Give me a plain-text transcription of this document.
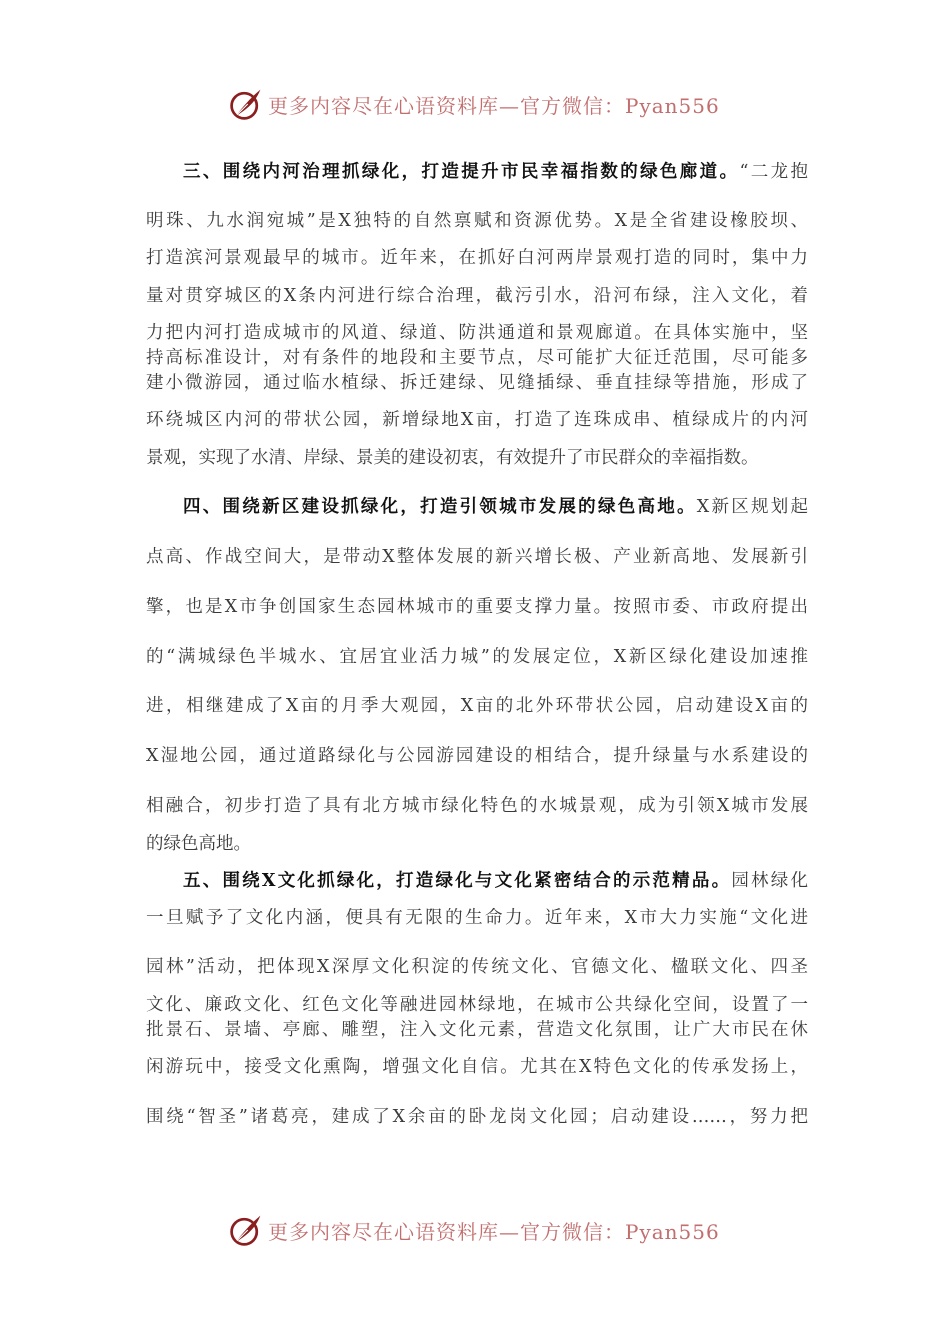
更多内容尽在心语资料库—官方微信：Pyan556
三、围绕内河治理抓绿化，打造提升市民幸福指数的绿色廊道。“二龙抱
明珠、九水润宛城”是X独特的自然禀赋和资源优势。X是全省建设橡胶坝、
打造滨河景观最早的城市。近年来，在抓好白河两岸景观打造的同时，集中力
量对贯穿城区的X条内河进行综合治理，截污引水，沿河布绿，注入文化，着
力把内河打造成城市的风道、绿道、防洪通道和景观廊道。在具体实施中，坚
持高标准设计，对有条件的地段和主要节点，尽可能扩大征迁范围，尽可能多
建小微游园，通过临水植绿、拆迁建绿、见缝插绿、垂直挂绿等措施，形成了
环绕城区内河的带状公园，新增绿地X亩，打造了连珠成串、植绿成片的内河
景观，实现了水清、岸绿、景美的建设初衷，有效提升了市民群众的幸福指数。
四、围绕新区建设抓绿化，打造引领城市发展的绿色高地。X新区规划起
点高、作战空间大，是带动X整体发展的新兴增长极、产业新高地、发展新引
擎，也是X市争创国家生态园林城市的重要支撑力量。按照市委、市政府提出
的“满城绿色半城水、宜居宜业活力城”的发展定位，X新区绿化建设加速推
进，相继建成了X亩的月季大观园，X亩的北外环带状公园，启动建设X亩的
X湿地公园，通过道路绿化与公园游园建设的相结合，提升绿量与水系建设的
相融合，初步打造了具有北方城市绿化特色的水城景观，成为引领X城市发展
的绿色高地。
五、围绕X文化抓绿化，打造绿化与文化紧密结合的示范精品。园林绿化
一旦赋予了文化内涵，便具有无限的生命力。近年来，X市大力实施“文化进
园林”活动，把体现X深厚文化积淀的传统文化、官德文化、楹联文化、四圣
文化、廉政文化、红色文化等融进园林绿地，在城市公共绿化空间，设置了一
批景石、景墙、亭廊、雕塑，注入文化元素，营造文化氛围，让广大市民在休
闲游玩中，接受文化熏陶，增强文化自信。尤其在X特色文化的传承发扬上，
围绕“智圣”诸葛亮，建成了X余亩的卧龙岗文化园；启动建设……，努力把
更多内容尽在心语资料库—官方微信：Pyan556
